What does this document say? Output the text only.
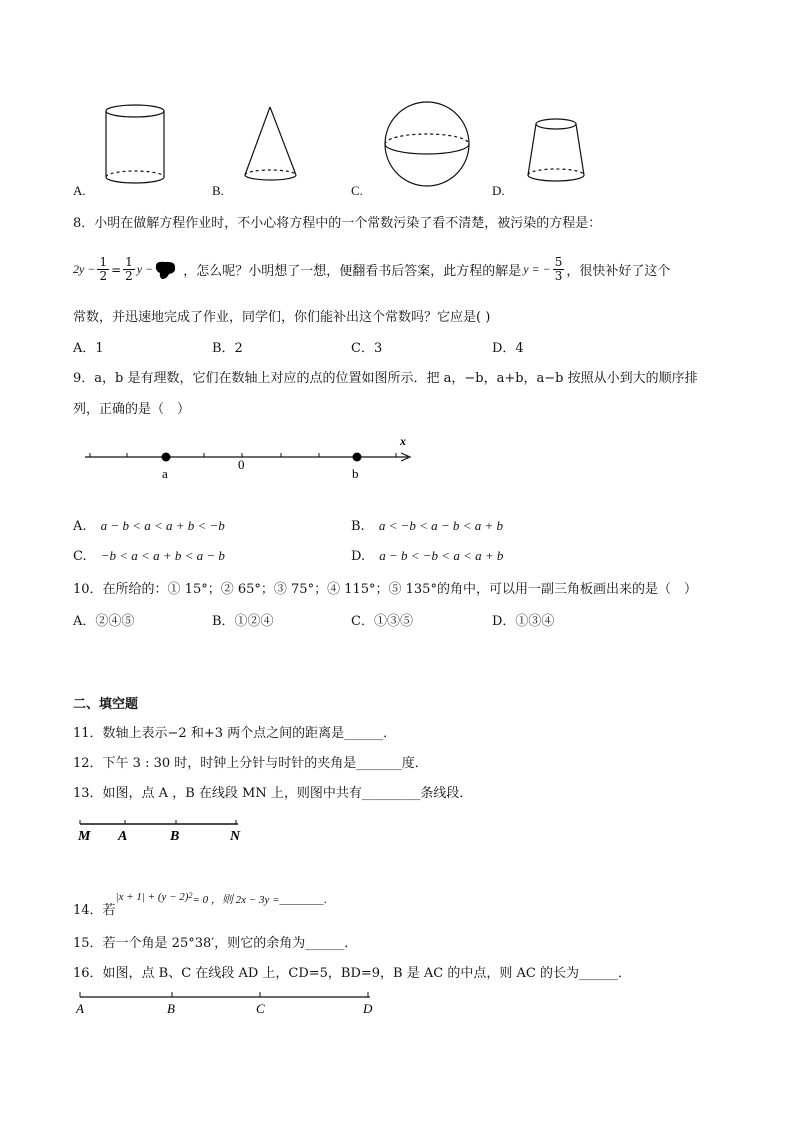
A.	B.	C.	D.
8．小明在做解方程作业时，不小心将方程中的一个常数污染了看不清楚，被污染的方程是：
$2y - \frac{1}{2} = \frac{1}{2}$ y − ，怎么呢？小明想了一想，便翻看书后答案，此方程的解是 y = − $\frac{5}{3}$ ，很快补好了这个
常数，并迅速地完成了作业，同学们，你们能补出这个常数吗？它应是( )
A．1	B．2	C．3	D．4
9．a，b 是有理数，它们在数轴上对应的点的位置如图所示．把 a，−b，a+b，a−b 按照从小到大的顺序排
列，正确的是（　）
x
a
0
b
A. a − b < a < a + b < −b	B. a < −b < a − b < a + b
C. −b < a < a + b < a − b	D. a − b < −b < a < a + b
10．在所给的：① 15°；② 65°；③ 75°；④ 115°；⑤ 135°的角中，可以用一副三角板画出来的是（　）
A．②④⑤	B．①②④	C．①③⑤	D．①③④
二、填空题
11．数轴上表示−2 和+3 两个点之间的距离是______．
12．下午 3 : 30 时，时钟上分针与时针的夹角是_______度．
13．如图，点 A ，B 在线段 MN 上，则图中共有_________条线段．
M A	B	N
14．若
|x + 1| + (y − 2) 2 = 0 ，则 2x − 3y =________．
15．若一个角是 25°38′，则它的余角为______．
16．如图，点 B、C 在线段 AD 上，CD=5，BD=9，B 是 AC 的中点，则 AC 的长为______．
A	B	C	D
